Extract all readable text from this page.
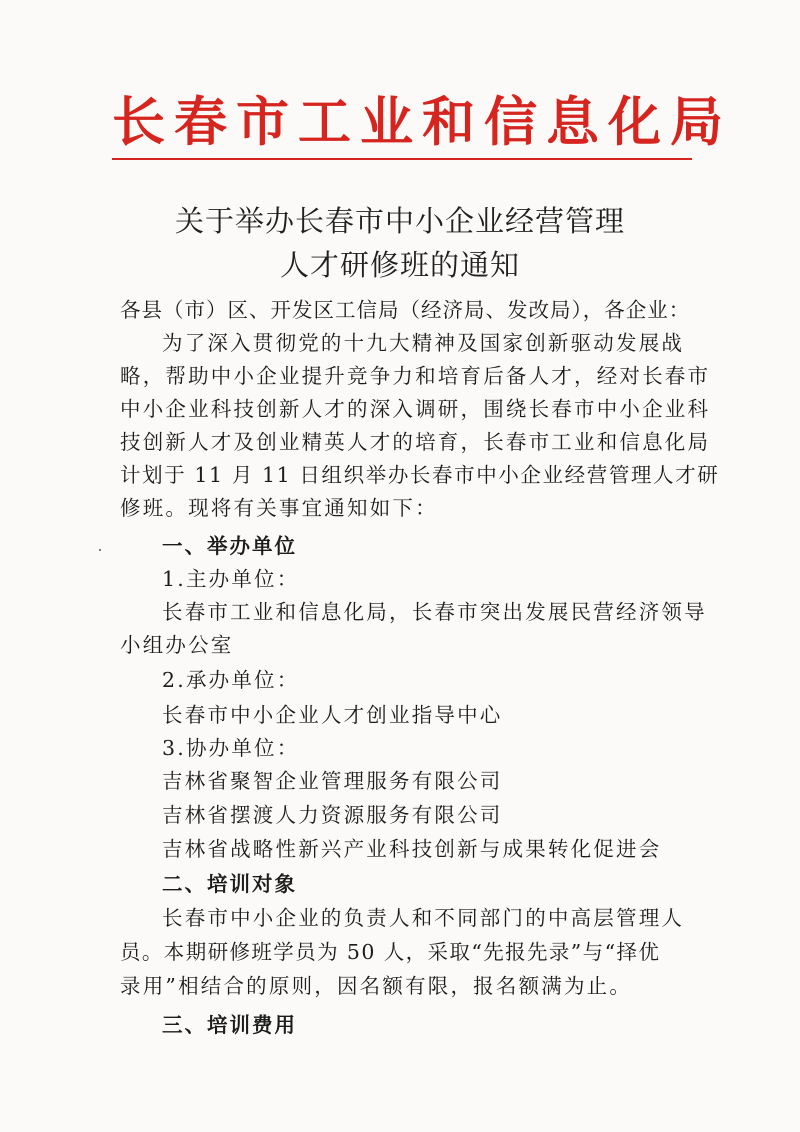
长春市工业和信息化局
关于举办长春市中小企业经营管理
人才研修班的通知
各县（市）区、开发区工信局（经济局、发改局），各企业：
为了深入贯彻党的十九大精神及国家创新驱动发展战
略，帮助中小企业提升竞争力和培育后备人才，经对长春市
中小企业科技创新人才的深入调研，围绕长春市中小企业科
技创新人才及创业精英人才的培育，长春市工业和信息化局
计划于 11 月 11 日组织举办长春市中小企业经营管理人才研
修班。现将有关事宜通知如下：
一、举办单位
1.主办单位：
长春市工业和信息化局，长春市突出发展民营经济领导
小组办公室
2.承办单位：
长春市中小企业人才创业指导中心
3.协办单位：
吉林省聚智企业管理服务有限公司
吉林省摆渡人力资源服务有限公司
吉林省战略性新兴产业科技创新与成果转化促进会
二、培训对象
长春市中小企业的负责人和不同部门的中高层管理人
员。本期研修班学员为 50 人，采取“先报先录”与“择优
录用”相结合的原则，因名额有限，报名额满为止。
三、培训费用
